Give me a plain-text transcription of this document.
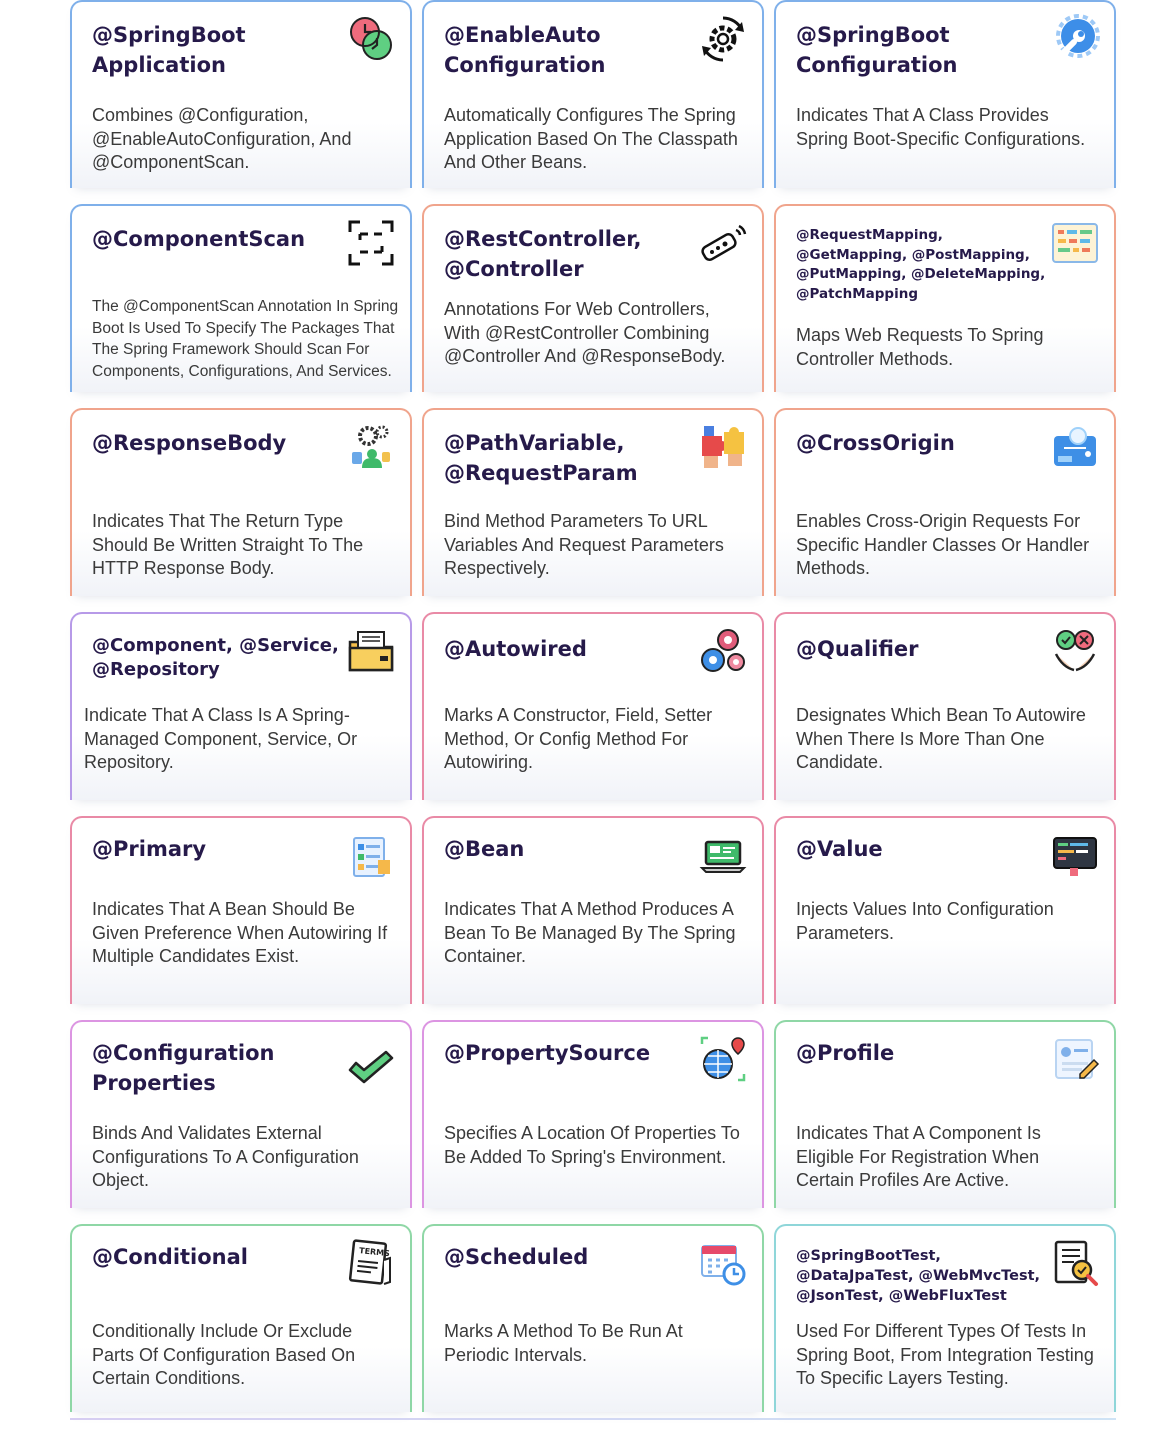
@SpringBoot Application
Combines @Configuration, @EnableAutoConfiguration, And @ComponentScan.
@EnableAuto Configuration
Automatically Configures The Spring Application Based On The Classpath And Other Beans.
@SpringBoot Configuration
Indicates That A Class Provides Spring Boot-Specific Configurations.
@ComponentScan
The @ComponentScan Annotation In Spring Boot Is Used To Specify The Packages That The Spring Framework Should Scan For Components, Configurations, And Services.
@RestController, @Controller
Annotations For Web Controllers, With @RestController Combining @Controller And @ResponseBody.
@RequestMapping, @GetMapping, @PostMapping, @PutMapping, @DeleteMapping, @PatchMapping
Maps Web Requests To Spring Controller Methods.
@ResponseBody
Indicates That The Return Type Should Be Written Straight To The HTTP Response Body.
@PathVariable, @RequestParam
Bind Method Parameters To URL Variables And Request Parameters Respectively.
@CrossOrigin
Enables Cross-Origin Requests For Specific Handler Classes Or Handler Methods.
@Component, @Service, @Repository
Indicate That A Class Is A Spring-Managed Component, Service, Or Repository.
@Autowired
Marks A Constructor, Field, Setter Method, Or Config Method For Autowiring.
@Qualifier
Designates Which Bean To Autowire When There Is More Than One Candidate.
@Primary
Indicates That A Bean Should Be Given Preference When Autowiring If Multiple Candidates Exist.
@Bean
Indicates That A Method Produces A Bean To Be Managed By The Spring Container.
@Value
Injects Values Into Configuration Parameters.
@Configuration Properties
Binds And Validates External Configurations To A Configuration Object.
@PropertySource
Specifies A Location Of Properties To Be Added To Spring's Environment.
@Profile
Indicates That A Component Is Eligible For Registration When Certain Profiles Are Active.
@Conditional	TERMS
Conditionally Include Or Exclude Parts Of Configuration Based On Certain Conditions.
@Scheduled
Marks A Method To Be Run At Periodic Intervals.
@SpringBootTest, @DataJpaTest, @WebMvcTest, @JsonTest, @WebFluxTest
Used For Different Types Of Tests In Spring Boot, From Integration Testing To Specific Layers Testing.
